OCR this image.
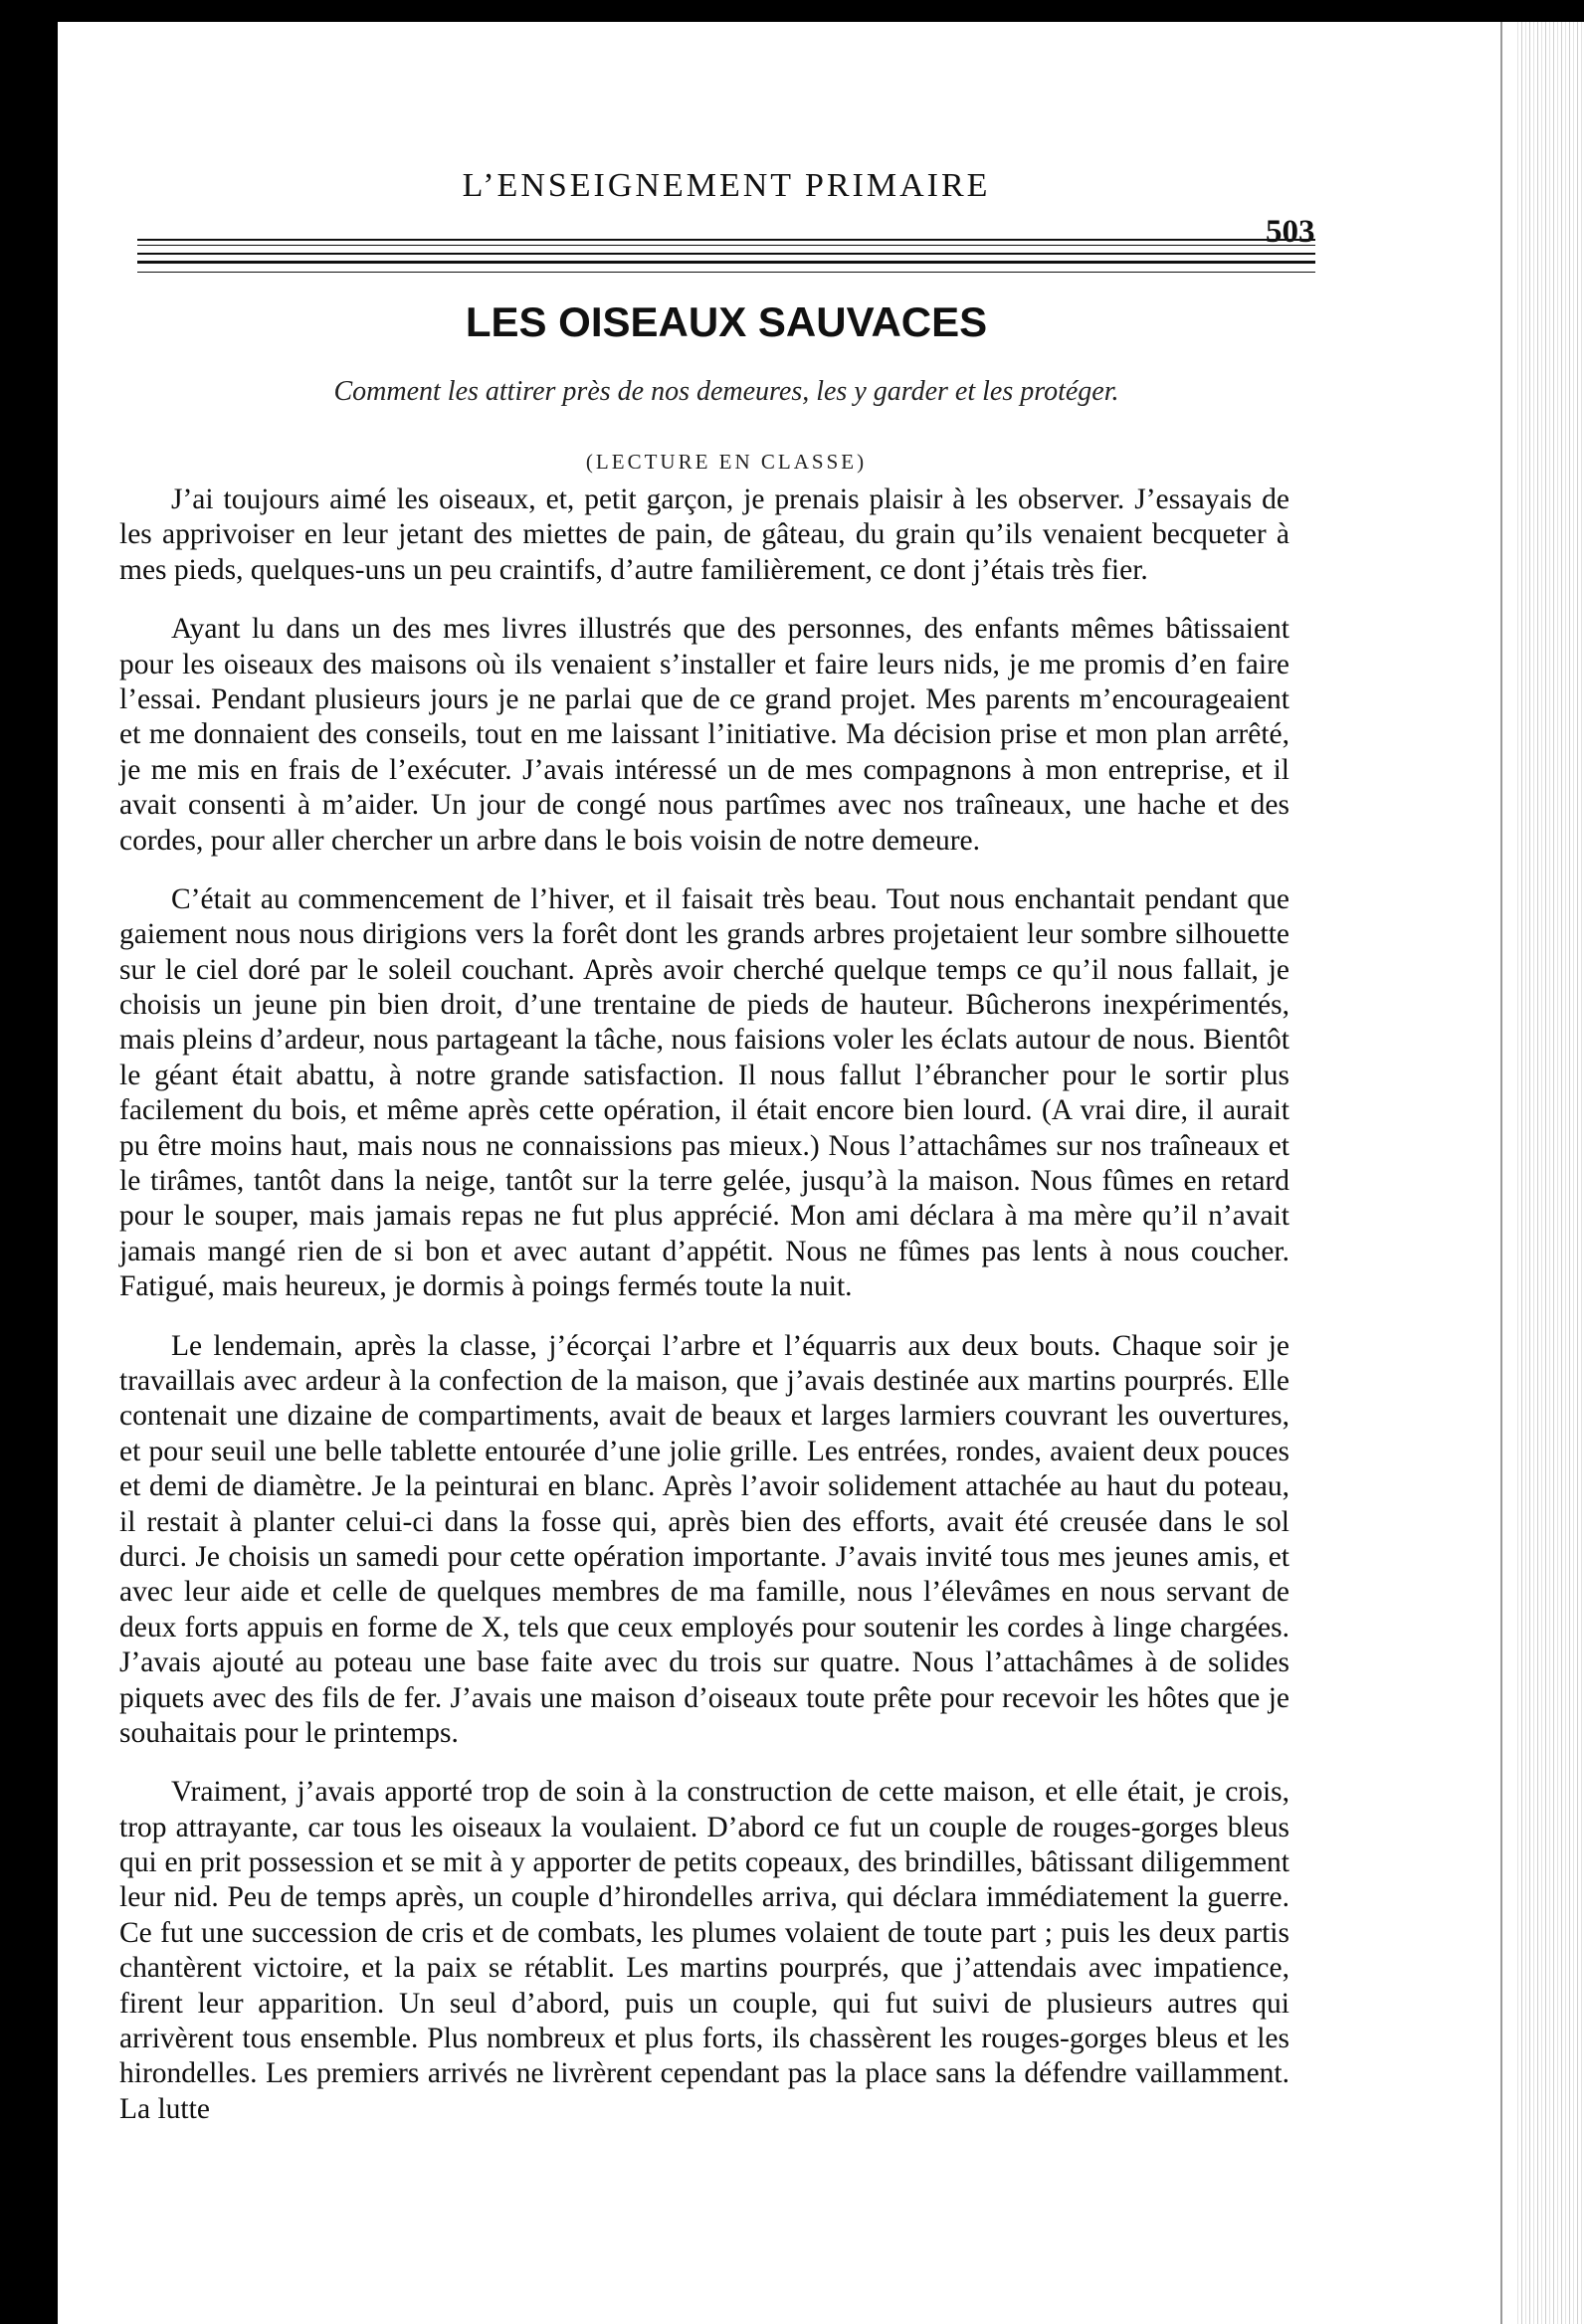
L’ENSEIGNEMENT PRIMAIRE
503
LES OISEAUX SAUVACES
Comment les attirer près de nos demeures, les y garder et les protéger.
(LECTURE EN CLASSE)

J’ai toujours aimé les oiseaux, et, petit garçon, je prenais plaisir à les observer. J’essayais de les apprivoiser en leur jetant des miettes de pain, de gâteau, du grain qu’ils venaient becqueter à mes pieds, quelques-uns un peu craintifs, d’autre familièrement, ce dont j’étais très fier.

Ayant lu dans un des mes livres illustrés que des personnes, des enfants mêmes bâtissaient pour les oiseaux des maisons où ils venaient s’installer et faire leurs nids, je me promis d’en faire l’essai. Pendant plusieurs jours je ne parlai que de ce grand projet. Mes parents m’encourageaient et me donnaient des conseils, tout en me laissant l’initiative. Ma décision prise et mon plan arrêté, je me mis en frais de l’exécuter. J’avais intéressé un de mes compagnons à mon entreprise, et il avait consenti à m’aider. Un jour de congé nous partîmes avec nos traîneaux, une hache et des cordes, pour aller chercher un arbre dans le bois voisin de notre demeure.

C’était au commencement de l’hiver, et il faisait très beau. Tout nous enchantait pendant que gaiement nous nous dirigions vers la forêt dont les grands arbres projetaient leur sombre silhouette sur le ciel doré par le soleil couchant. Après avoir cherché quelque temps ce qu’il nous fallait, je choisis un jeune pin bien droit, d’une trentaine de pieds de hauteur. Bûcherons inexpérimentés, mais pleins d’ardeur, nous partageant la tâche, nous faisions voler les éclats autour de nous. Bientôt le géant était abattu, à notre grande satisfaction. Il nous fallut l’ébrancher pour le sortir plus facilement du bois, et même après cette opération, il était encore bien lourd. (A vrai dire, il aurait pu être moins haut, mais nous ne connaissions pas mieux.) Nous l’attachâmes sur nos traîneaux et le tirâmes, tantôt dans la neige, tantôt sur la terre gelée, jusqu’à la maison. Nous fûmes en retard pour le souper, mais jamais repas ne fut plus apprécié. Mon ami déclara à ma mère qu’il n’avait jamais mangé rien de si bon et avec autant d’appétit. Nous ne fûmes pas lents à nous coucher. Fatigué, mais heureux, je dormis à poings fermés toute la nuit.

Le lendemain, après la classe, j’écorçai l’arbre et l’équarris aux deux bouts. Chaque soir je travaillais avec ardeur à la confection de la maison, que j’avais destinée aux martins pourprés. Elle contenait une dizaine de compartiments, avait de beaux et larges larmiers couvrant les ouvertures, et pour seuil une belle tablette entourée d’une jolie grille. Les entrées, rondes, avaient deux pouces et demi de diamètre. Je la peinturai en blanc. Après l’avoir solidement attachée au haut du poteau, il restait à planter celui-ci dans la fosse qui, après bien des efforts, avait été creusée dans le sol durci. Je choisis un samedi pour cette opération importante. J’avais invité tous mes jeunes amis, et avec leur aide et celle de quelques membres de ma famille, nous l’élevâmes en nous servant de deux forts appuis en forme de X, tels que ceux employés pour soutenir les cordes à linge chargées. J’avais ajouté au poteau une base faite avec du trois sur quatre. Nous l’attachâmes à de solides piquets avec des fils de fer. J’avais une maison d’oiseaux toute prête pour recevoir les hôtes que je souhaitais pour le printemps.

Vraiment, j’avais apporté trop de soin à la construction de cette maison, et elle était, je crois, trop attrayante, car tous les oiseaux la voulaient. D’abord ce fut un couple de rouges-gorges bleus qui en prit possession et se mit à y apporter de petits copeaux, des brindilles, bâtissant diligemment leur nid. Peu de temps après, un couple d’hirondelles arriva, qui déclara immédiatement la guerre. Ce fut une succession de cris et de combats, les plumes volaient de toute part ; puis les deux partis chantèrent victoire, et la paix se rétablit. Les martins pourprés, que j’attendais avec impatience, firent leur apparition. Un seul d’abord, puis un couple, qui fut suivi de plusieurs autres qui arrivèrent tous ensemble. Plus nombreux et plus forts, ils chassèrent les rouges-gorges bleus et les hirondelles. Les premiers arrivés ne livrèrent cependant pas la place sans la défendre vaillamment. La lutte
